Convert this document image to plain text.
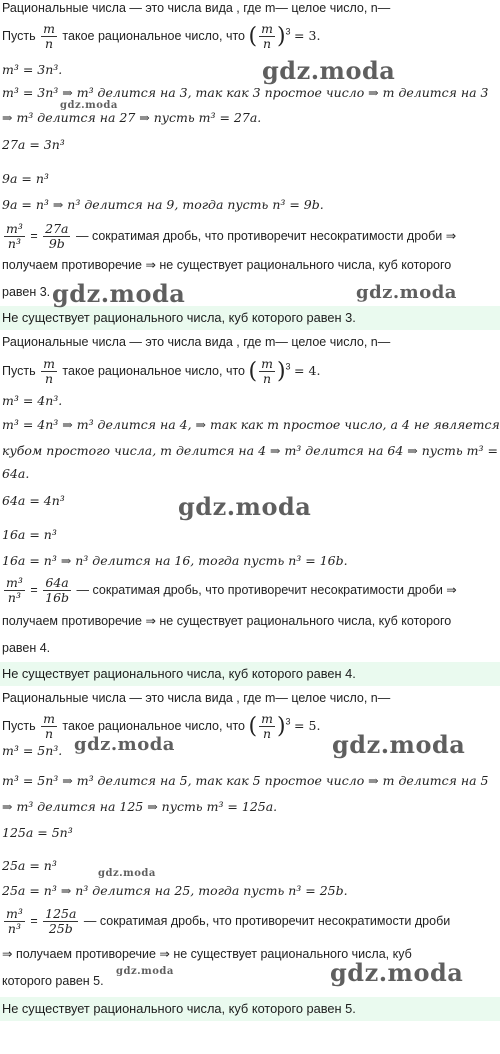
Рациональные числа — это числа вида , где m— целое число, n—
Пусть $\frac{m}{n}$ такое рациональное число, что ( $\frac{m}{n} )^3 = 3$.
m³ = 3n³.
m³ = 3n³ ⇒ m³ делится на 3, так как 3 простое число ⇒ m делится на 3
⇒ m³ делится на 27 ⇒ пусть m³ = 27a.
27a = 3n³
9a = n³
9a = n³ ⇒ n³ делится на 9, тогда пусть n³ = 9b.
$\frac{\text{m³}}{\text{n³}} = \frac{27a}{9b}$ — сократимая дробь, что противоречит несократимости дроби ⇒
получаем противоречие ⇒ не существует рационального числа, куб которого
равен 3.
Не существует рационального числа, куб которого равен 3.
Рациональные числа — это числа вида , где m— целое число, n—
Пусть $\frac{m}{n}$ такое рациональное число, что ( $\frac{m}{n} )^3 = 4$.
m³ = 4n³.
m³ = 4n³ ⇒ m³ делится на 4, ⇒ так как m простое число, а 4 не является
кубом простого числа, m делится на 4 ⇒ m³ делится на 64 ⇒ пусть m³ =
64a.
64a = 4n³
16a = n³
16a = n³ ⇒ n³ делится на 16, тогда пусть n³ = 16b.
$\frac{\text{m³}}{\text{n³}} = \frac{64a}{16b}$ — сократимая дробь, что противоречит несократимости дроби ⇒
получаем противоречие ⇒ не существует рационального числа, куб которого
равен 4.
Не существует рационального числа, куб которого равен 4.
Рациональные числа — это числа вида , где m— целое число, n—
Пусть $\frac{m}{n}$ такое рациональное число, что ( $\frac{m}{n} )^3 = 5$.
m³ = 5n³.
m³ = 5n³ ⇒ m³ делится на 5, так как 5 простое число ⇒ m делится на 5
⇒ m³ делится на 125 ⇒ пусть m³ = 125a.
125a = 5n³
25a = n³
25a = n³ ⇒ n³ делится на 25, тогда пусть n³ = 25b.
$\frac{\text{m³}}{\text{n³}} = \frac{125a}{25b}$ — сократимая дробь, что противоречит несократимости дроби
⇒ получаем противоречие ⇒ не существует рационального числа, куб
которого равен 5.
Не существует рационального числа, куб которого равен 5.
gdz.moda
gdz.moda
gdz.moda	gdz.moda
gdz.moda
gdz.moda	gdz.moda
gdz.moda
gdz.moda	gdz.moda
